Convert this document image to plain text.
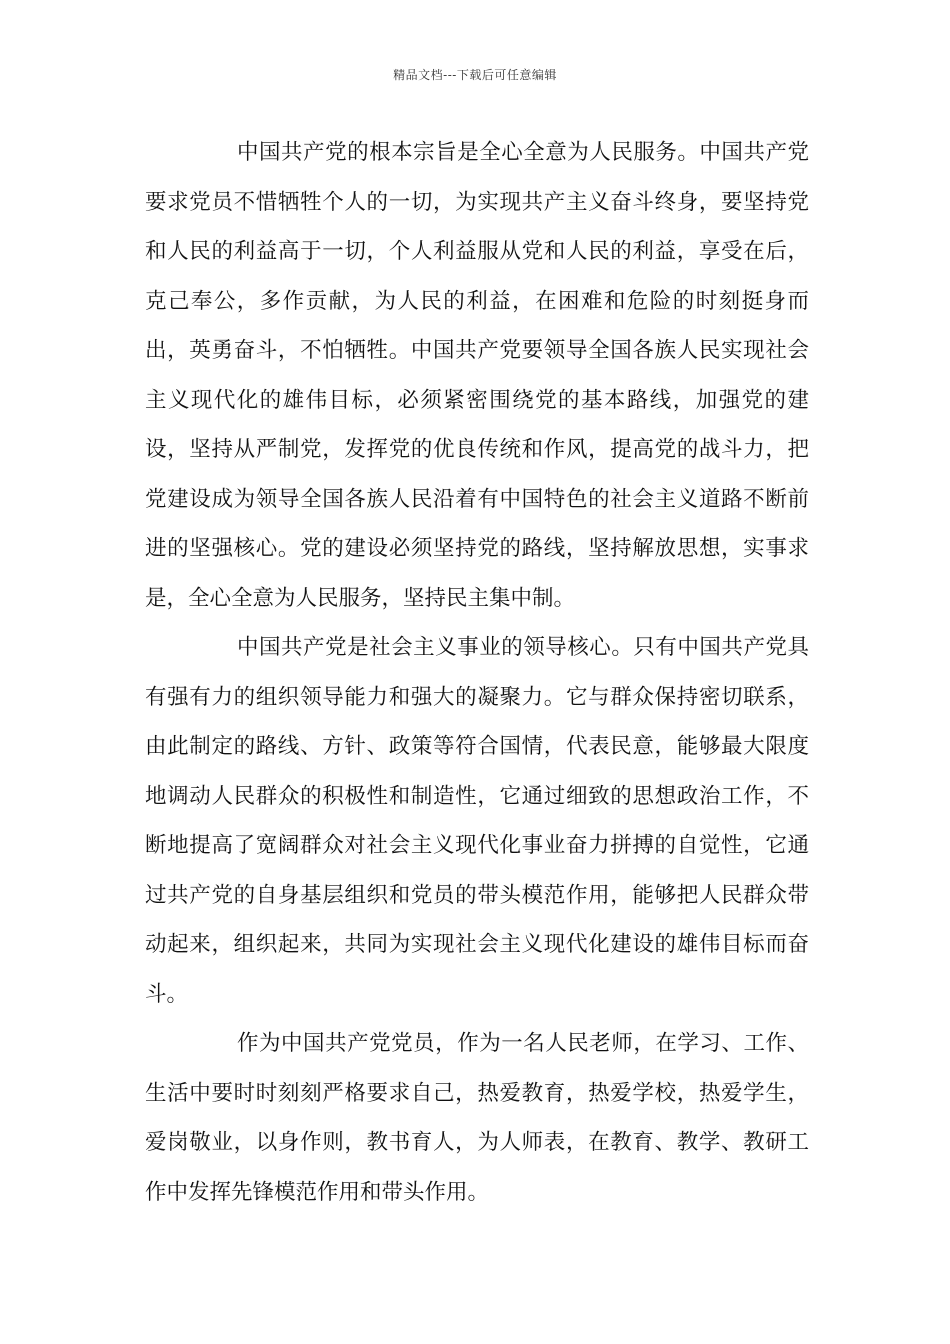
精品文档---下载后可任意编辑

中国共产党的根本宗旨是全心全意为人民服务。中国共产党要求党员不惜牺牲个人的一切，为实现共产主义奋斗终身，要坚持党和人民的利益高于一切，个人利益服从党和人民的利益，享受在后，克己奉公，多作贡献，为人民的利益，在困难和危险的时刻挺身而出，英勇奋斗，不怕牺牲。中国共产党要领导全国各族人民实现社会主义现代化的雄伟目标，必须紧密围绕党的基本路线，加强党的建设，坚持从严制党，发挥党的优良传统和作风，提高党的战斗力，把党建设成为领导全国各族人民沿着有中国特色的社会主义道路不断前进的坚强核心。党的建设必须坚持党的路线，坚持解放思想，实事求是，全心全意为人民服务，坚持民主集中制。

中国共产党是社会主义事业的领导核心。只有中国共产党具有强有力的组织领导能力和强大的凝聚力。它与群众保持密切联系，由此制定的路线、方针、政策等符合国情，代表民意，能够最大限度地调动人民群众的积极性和制造性，它通过细致的思想政治工作，不断地提高了宽阔群众对社会主义现代化事业奋力拼搏的自觉性，它通过共产党的自身基层组织和党员的带头模范作用，能够把人民群众带动起来，组织起来，共同为实现社会主义现代化建设的雄伟目标而奋斗。

作为中国共产党党员，作为一名人民老师，在学习、工作、生活中要时时刻刻严格要求自己，热爱教育，热爱学校，热爱学生，爱岗敬业，以身作则，教书育人，为人师表，在教育、教学、教研工作中发挥先锋模范作用和带头作用。
